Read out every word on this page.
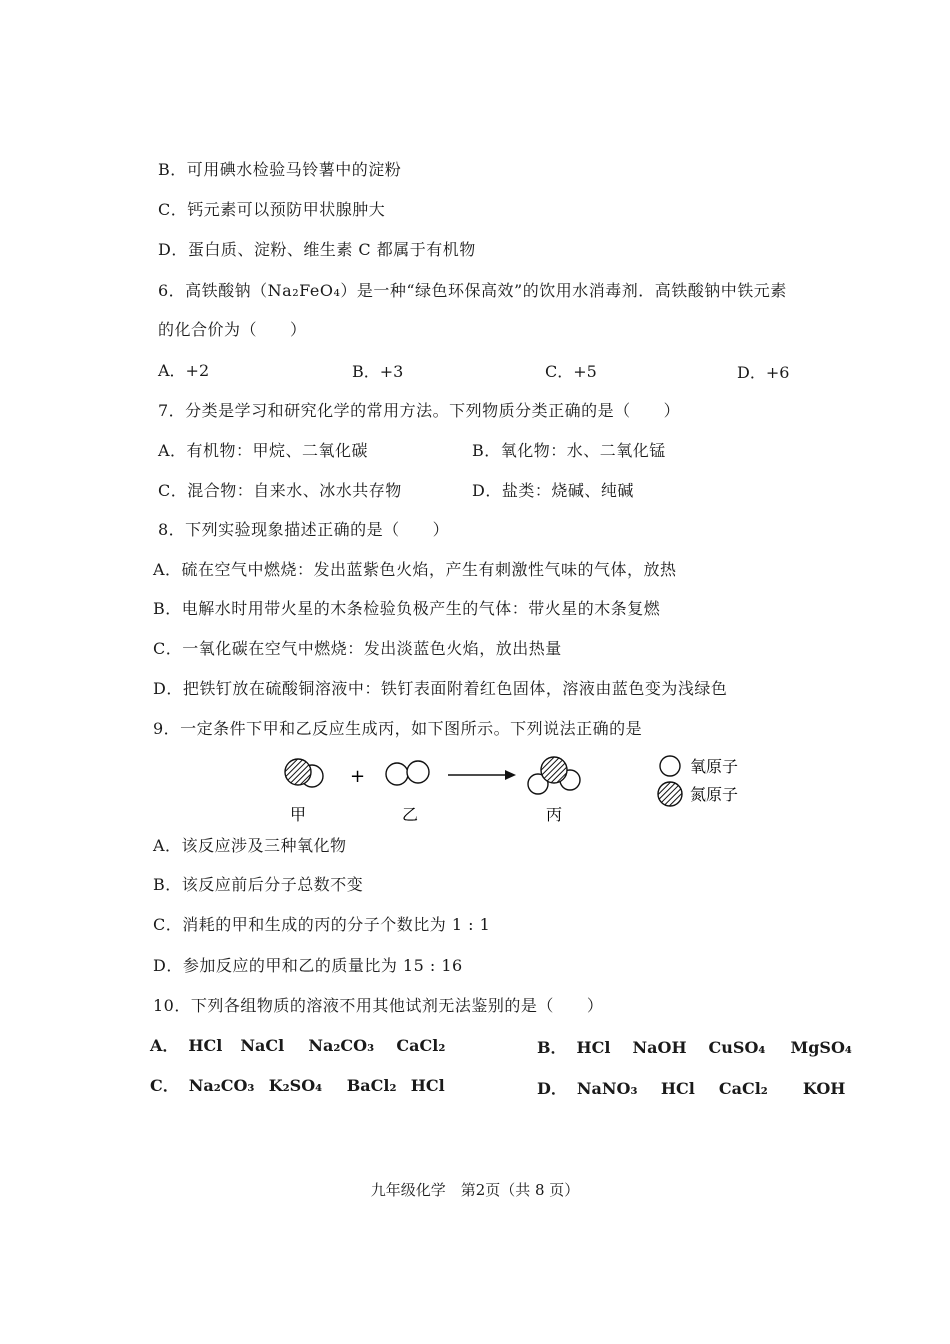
B．可用碘水检验马铃薯中的淀粉
C．钙元素可以预防甲状腺肿大
D．蛋白质、淀粉、维生素 C 都属于有机物
6．高铁酸钠（Na₂FeO₄）是一种“绿色环保高效”的饮用水消毒剂．高铁酸钠中铁元素
的化合价为（　　）
A．+2	B．+3	C．+5	D．+6
7．分类是学习和研究化学的常用方法。下列物质分类正确的是（　　）
A．有机物：甲烷、二氧化碳	B．氧化物：水、二氧化锰
C．混合物：自来水、冰水共存物	D．盐类：烧碱、纯碱
8．下列实验现象描述正确的是（　　）
A．硫在空气中燃烧：发出蓝紫色火焰，产生有刺激性气味的气体，放热
B．电解水时用带火星的木条检验负极产生的气体：带火星的木条复燃
C．一氧化碳在空气中燃烧：发出淡蓝色火焰，放出热量
D．把铁钉放在硫酸铜溶液中：铁钉表面附着红色固体，溶液由蓝色变为浅绿色
9．一定条件下甲和乙反应生成丙，如下图所示。下列说法正确的是
+
甲	乙	丙
氧原子
氮原子
A．该反应涉及三种氧化物
B．该反应前后分子总数不变
C．消耗的甲和生成的丙的分子个数比为 1 : 1
D．参加反应的甲和乙的质量比为 15 : 16
10．下列各组物质的溶液不用其他试剂无法鉴别的是（　　）
A． HCl NaCl Na₂CO₃ CaCl₂	B． HCl NaOH CuSO₄ MgSO₄
C． Na₂CO₃ K₂SO₄ BaCl₂ HCl	D． NaNO₃ HCl CaCl₂ KOH
九年级化学　第2页（共 8 页）
